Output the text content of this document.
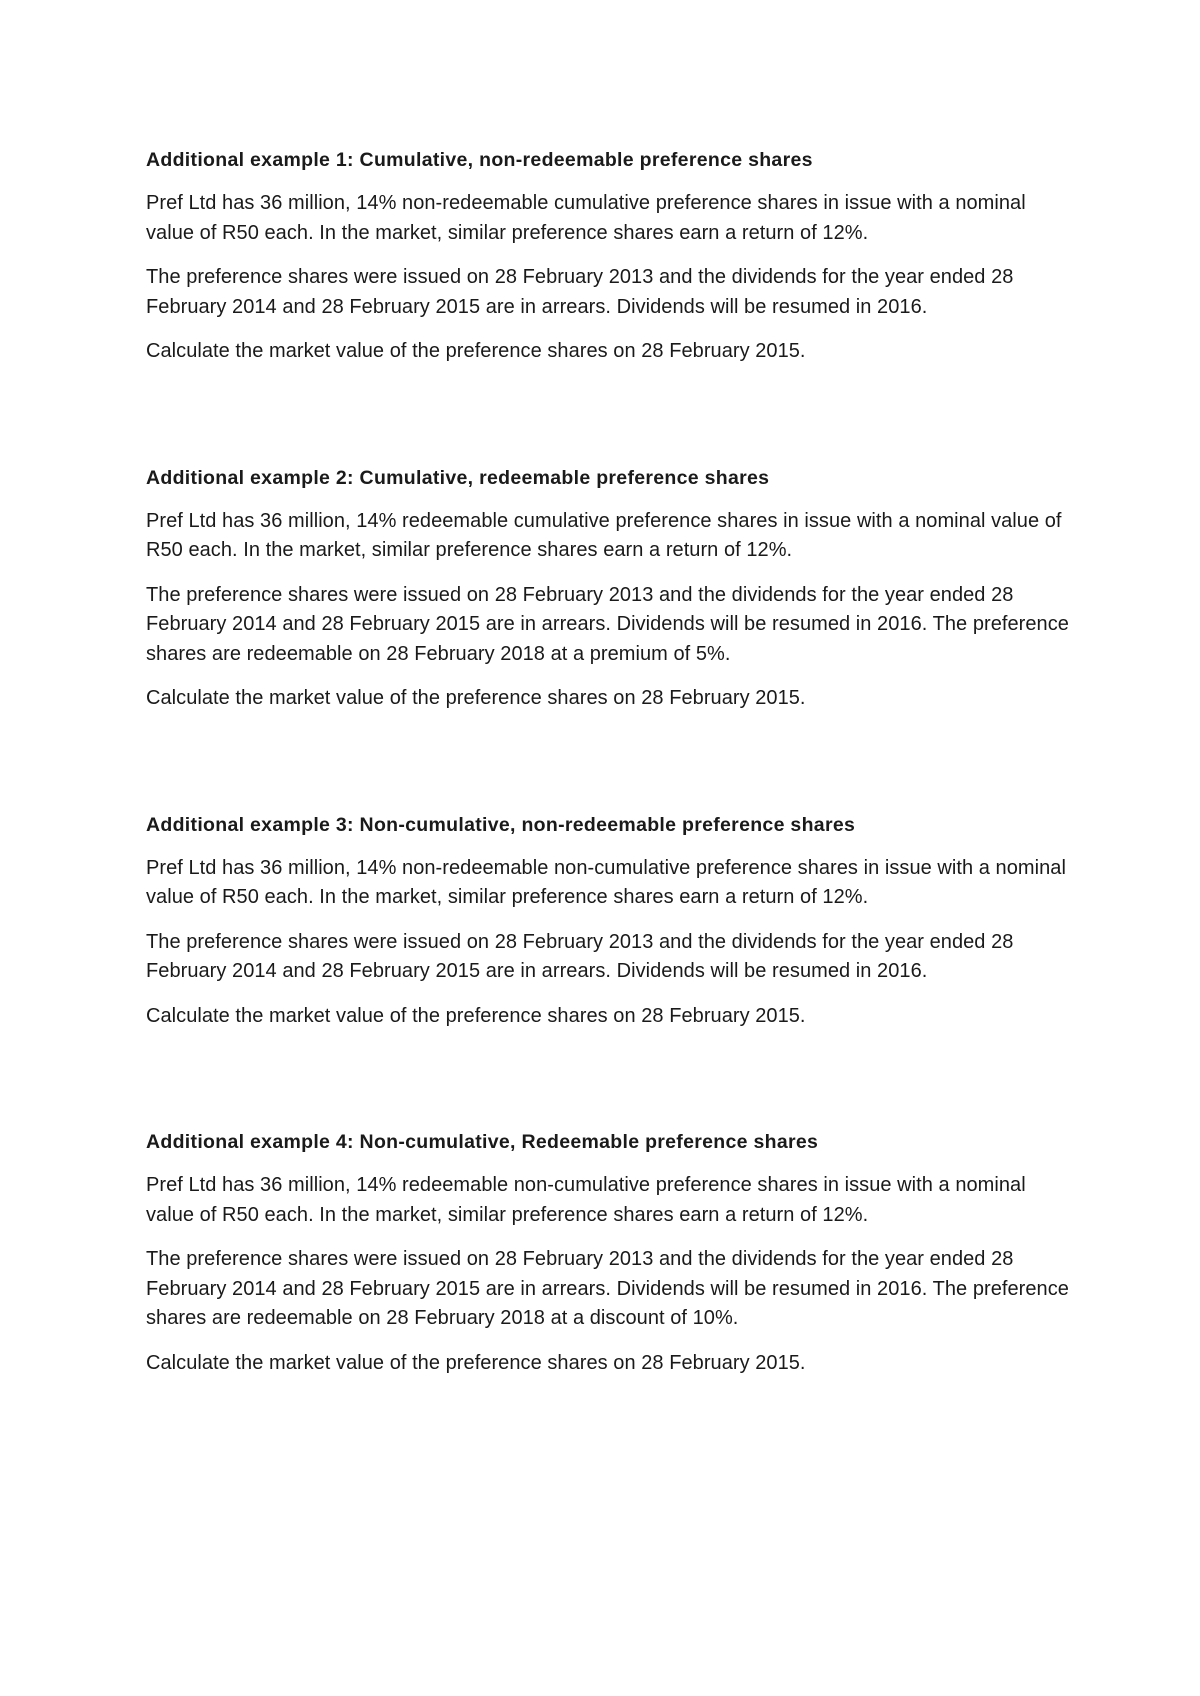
Additional example 1: Cumulative, non-redeemable preference shares

Pref Ltd has 36 million, 14% non-redeemable cumulative preference shares in issue with a nominal value of R50 each. In the market, similar preference shares earn a return of 12%.

The preference shares were issued on 28 February 2013 and the dividends for the year ended 28 February 2014 and 28 February 2015 are in arrears. Dividends will be resumed in 2016.

Calculate the market value of the preference shares on 28 February 2015.

Additional example 2: Cumulative, redeemable preference shares

Pref Ltd has 36 million, 14% redeemable cumulative preference shares in issue with a nominal value of R50 each. In the market, similar preference shares earn a return of 12%.

The preference shares were issued on 28 February 2013 and the dividends for the year ended 28 February 2014 and 28 February 2015 are in arrears. Dividends will be resumed in 2016. The preference shares are redeemable on 28 February 2018 at a premium of 5%.

Calculate the market value of the preference shares on 28 February 2015.

Additional example 3: Non-cumulative, non-redeemable preference shares

Pref Ltd has 36 million, 14% non-redeemable non-cumulative preference shares in issue with a nominal value of R50 each. In the market, similar preference shares earn a return of 12%.

The preference shares were issued on 28 February 2013 and the dividends for the year ended 28 February 2014 and 28 February 2015 are in arrears. Dividends will be resumed in 2016.

Calculate the market value of the preference shares on 28 February 2015.

Additional example 4: Non-cumulative, Redeemable preference shares

Pref Ltd has 36 million, 14% redeemable non-cumulative preference shares in issue with a nominal value of R50 each. In the market, similar preference shares earn a return of 12%.

The preference shares were issued on 28 February 2013 and the dividends for the year ended 28 February 2014 and 28 February 2015 are in arrears. Dividends will be resumed in 2016. The preference shares are redeemable on 28 February 2018 at a discount of 10%.

Calculate the market value of the preference shares on 28 February 2015.
